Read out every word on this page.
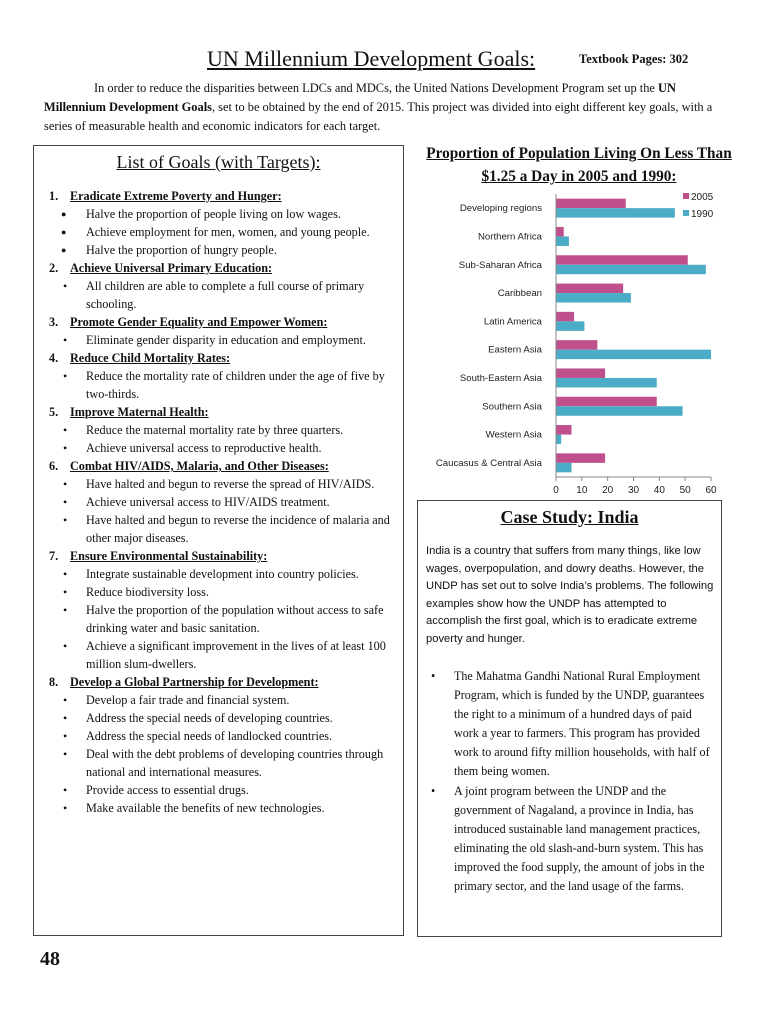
UN Millennium Development Goals:	Textbook Pages: 302
In order to reduce the disparities between LDCs and MDCs, the United Nations Development Program set up the UN Millennium Development Goals, set to be obtained by the end of 2015. This project was divided into eight different key goals, with a series of measurable health and economic indicators for each target.
List of Goals (with Targets):
1. Eradicate Extreme Poverty and Hunger:

● Halve the proportion of people living on low wages.

● Achieve employment for men, women, and young people.

● Halve the proportion of hungry people.

2. Achieve Universal Primary Education:

• All children are able to complete a full course of primary schooling.

3. Promote Gender Equality and Empower Women:

• Eliminate gender disparity in education and employment.

4. Reduce Child Mortality Rates:

• Reduce the mortality rate of children under the age of five by two-thirds.

5. Improve Maternal Health:

• Reduce the maternal mortality rate by three quarters.

• Achieve universal access to reproductive health.

6. Combat HIV/AIDS, Malaria, and Other Diseases:

• Have halted and begun to reverse the spread of HIV/AIDS.

• Achieve universal access to HIV/AIDS treatment.

• Have halted and begun to reverse the incidence of malaria and other major diseases.

7. Ensure Environmental Sustainability:

• Integrate sustainable development into country policies.

• Reduce biodiversity loss.

• Halve the proportion of the population without access to safe drinking water and basic sanitation.

• Achieve a significant improvement in the lives of at least 100 million slum-dwellers.

8. Develop a Global Partnership for Development:

• Develop a fair trade and financial system.

• Address the special needs of developing countries.

• Address the special needs of landlocked countries.

• Deal with the debt problems of developing countries through national and international measures.

• Provide access to essential drugs.

• Make available the benefits of new technologies.

Proportion of Population Living On Less Than $1.25 a Day in 2005 and 1990:
Developing regions
Northern Africa
Sub-Saharan Africa
Caribbean
Latin America
Eastern Asia
South-Eastern Asia
Southern Asia
Western Asia
Caucasus & Central Asia
0 10 20 30 40 50 60
2005
1990
Case Study: India
India is a country that suffers from many things, like low wages, overpopulation, and dowry deaths. However, the UNDP has set out to solve India’s problems. The following examples show how the UNDP has attempted to accomplish the first goal, which is to eradicate extreme poverty and hunger.

• The Mahatma Gandhi National Rural Employment Program, which is funded by the UNDP, guarantees the right to a minimum of a hundred days of paid work a year to farmers. This program has provided work to around fifty million households, with half of them being women.

• A joint program between the UNDP and the government of Nagaland, a province in India, has introduced sustainable land management practices, eliminating the old slash-and-burn system. This has improved the food supply, the amount of jobs in the primary sector, and the land usage of the farms.

48
